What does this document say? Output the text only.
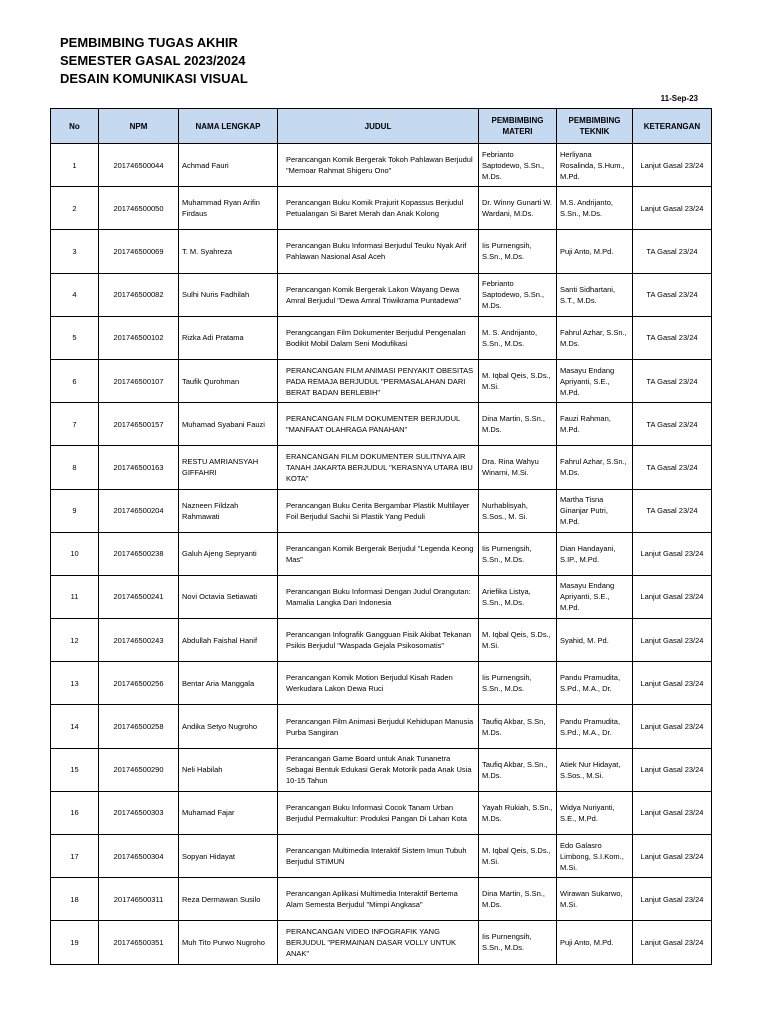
PEMBIMBING TUGAS AKHIR
SEMESTER GASAL 2023/2024
DESAIN KOMUNIKASI VISUAL
11-Sep-23
No	NPM	NAMA LENGKAP	JUDUL	PEMBIMBING MATERI	PEMBIMBING TEKNIK	KETERANGAN
1	201746500044	Achmad Fauri	Perancangan Komik Bergerak Tokoh Pahlawan Berjudul "Memoar Rahmat Shigeru Ono"	Febrianto Saptodewo, S.Sn., M.Ds.	Herliyana Rosalinda, S.Hum., M.Pd.	Lanjut Gasal 23/24
2	201746500050	Muhammad Ryan Arifin Firdaus	Perancangan Buku Komik Prajurit Kopassus Berjudul Petualangan Si Baret Merah dan Anak Kolong	Dr. Winny Gunarti W. Wardani, M.Ds.	M.S. Andrijanto, S.Sn., M.Ds.	Lanjut Gasal 23/24
3	201746500069	T. M. Syahreza	Perancangan Buku Informasi Berjudul Teuku Nyak Arif Pahlawan Nasional Asal Aceh	Iis Purnengsih, S.Sn., M.Ds.	Puji Anto, M.Pd.	TA Gasal 23/24
4	201746500082	Sulhi Nuris Fadhilah	Perancangan Komik Bergerak Lakon Wayang Dewa Amral Berjudul "Dewa Amral Triwikrama Puntadewa"	Febrianto Saptodewo, S.Sn., M.Ds.	Santi Sidhartani, S.T., M.Ds.	TA Gasal 23/24
5	201746500102	Rizka Adi Pratama	Perangcangan Film Dokumenter Berjudul Pengenalan Bodikit Mobil Dalam Seni Modufikasi	M. S. Andrijanto, S.Sn., M.Ds.	Fahrul Azhar, S.Sn., M.Ds.	TA Gasal 23/24
6	201746500107	Taufik Qurohman	PERANCANGAN FILM ANIMASI PENYAKIT OBESITAS PADA REMAJA BERJUDUL "PERMASALAHAN DARI BERAT BADAN BERLEBIH"	M. Iqbal Qeis, S.Ds., M.Si.	Masayu Endang Apriyanti, S.E., M.Pd.	TA Gasal 23/24
7	201746500157	Muhamad Syabani Fauzi	PERANCANGAN FILM DOKUMENTER BERJUDUL "MANFAAT OLAHRAGA PANAHAN"	Dina Martin, S.Sn., M.Ds.	Fauzi Rahman, M.Pd.	TA Gasal 23/24
8	201746500163	RESTU AMRIANSYAH GIFFAHRI	ERANCANGAN FILM DOKUMENTER SULITNYA AIR TANAH JAKARTA BERJUDUL "KERASNYA UTARA IBU KOTA"	Dra. Rina Wahyu Winarni, M.Si.	Fahrul Azhar, S.Sn., M.Ds.	TA Gasal 23/24
9	201746500204	Nazneen Fildzah Rahmawati	Perancangan Buku Cerita Bergambar Plastik Multilayer Foil Berjudul Sachii Si Plastik Yang Peduli	Nurhablisyah, S.Sos., M. Si.	Martha Tisna Ginanjar Putri, M.Pd.	TA Gasal 23/24
10	201746500238	Galuh Ajeng Sepryanti	Perancangan Komik Bergerak Berjudul "Legenda Keong Mas"	Iis Purnengsih, S.Sn., M.Ds.	Dian Handayani, S.IP., M.Pd.	Lanjut Gasal 23/24
11	201746500241	Novi Octavia Setiawati	Perancangan Buku Informasi Dengan Judul Orangutan: Mamalia Langka Dari Indonesia	Ariefika Listya, S.Sn., M.Ds.	Masayu Endang Apriyanti, S.E., M.Pd.	Lanjut Gasal 23/24
12	201746500243	Abdullah Faishal Hanif	Perancangan Infografik Gangguan Fisik Akibat Tekanan Psikis Berjudul "Waspada Gejala Psikosomatis"	M. Iqbal Qeis, S.Ds., M.Si.	Syahid, M. Pd.	Lanjut Gasal 23/24
13	201746500256	Bentar Aria Manggala	Perancangan Komik Motion Berjudul Kisah Raden Werkudara Lakon Dewa Ruci	Iis Purnengsih, S.Sn., M.Ds.	Pandu Pramudita, S.Pd., M.A., Dr.	Lanjut Gasal 23/24
14	201746500258	Andika Setyo Nugroho	Perancangan Film Animasi Berjudul Kehidupan Manusia Purba Sangiran	Taufiq Akbar, S.Sn, M.Ds.	Pandu Pramudita, S.Pd., M.A., Dr.	Lanjut Gasal 23/24
15	201746500290	Neli Habilah	Perancangan Game Board untuk Anak Tunanetra Sebagai Bentuk Edukasi Gerak Motorik pada Anak Usia 10-15 Tahun	Taufiq Akbar, S.Sn., M.Ds.	Atiek Nur Hidayat, S.Sos., M.Si.	Lanjut Gasal 23/24
16	201746500303	Muhamad Fajar	Perancangan Buku Informasi Cocok Tanam Urban Berjudul Permakultur: Produksi Pangan Di Lahan Kota	Yayah Rukiah, S.Sn., M.Ds.	Widya Nuriyanti, S.E., M.Pd.	Lanjut Gasal 23/24
17	201746500304	Sopyan Hidayat	Perancangan Multimedia Interaktif Sistem Imun Tubuh Berjudul STIMUN	M. Iqbal Qeis, S.Ds., M.Si.	Edo Galasro Limbong, S.I.Kom., M.Si.	Lanjut Gasal 23/24
18	201746500311	Reza Dermawan Susilo	Perancangan Aplikasi Multimedia Interaktif Bertema Alam Semesta Berjudul "Mimpi Angkasa"	Dina Martin, S.Sn., M.Ds.	Wirawan Sukarwo, M.Si.	Lanjut Gasal 23/24
19	201746500351	Muh Tito Purwo Nugroho	PERANCANGAN VIDEO INFOGRAFIK YANG BERJUDUL "PERMAINAN DASAR VOLLY UNTUK ANAK"	Iis Purnengsih, S.Sn., M.Ds.	Puji Anto, M.Pd.	Lanjut Gasal 23/24
